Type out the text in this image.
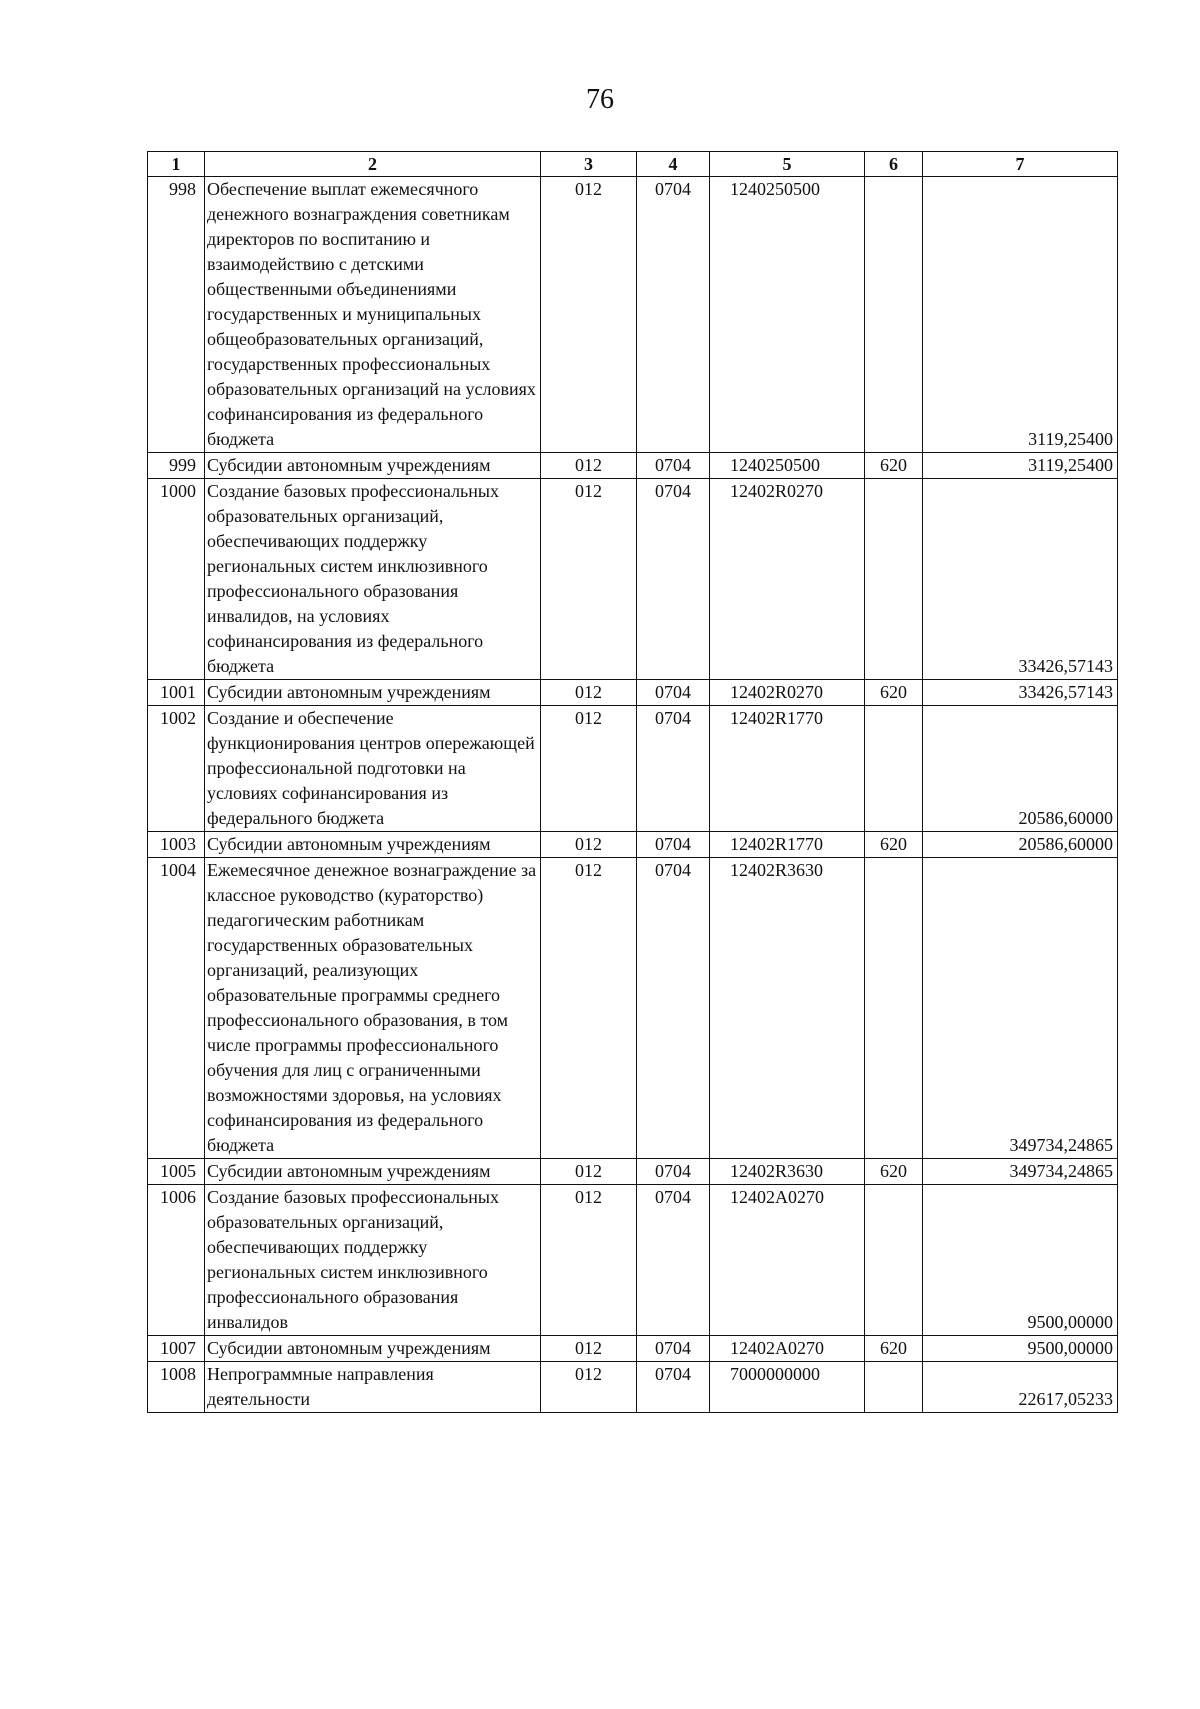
76
1	2	3	4	5	6	7
998	Обеспечение выплат ежемесячного денежного вознаграждения советникам директоров по воспитанию и взаимодействию с детскими общественными объединениями государственных и муниципальных общеобразовательных организаций, государственных профессиональных образовательных организаций на условиях софинансирования из федерального бюджета	012	0704	1240250500		3119,25400
999	Субсидии автономным учреждениям	012	0704	1240250500	620	3119,25400
1000	Создание базовых профессиональных образовательных организаций, обеспечивающих поддержку региональных систем инклюзивного профессионального образования инвалидов, на условиях софинансирования из федерального бюджета	012	0704	12402R0270		33426,57143
1001	Субсидии автономным учреждениям	012	0704	12402R0270	620	33426,57143
1002	Создание и обеспечение функционирования центров опережающей профессиональной подготовки на условиях софинансирования из федерального бюджета	012	0704	12402R1770		20586,60000
1003	Субсидии автономным учреждениям	012	0704	12402R1770	620	20586,60000
1004	Ежемесячное денежное вознаграждение за классное руководство (кураторство) педагогическим работникам государственных образовательных организаций, реализующих образовательные программы среднего профессионального образования, в том числе программы профессионального обучения для лиц с ограниченными возможностями здоровья, на условиях софинансирования из федерального бюджета	012	0704	12402R3630		349734,24865
1005	Субсидии автономным учреждениям	012	0704	12402R3630	620	349734,24865
1006	Создание базовых профессиональных образовательных организаций, обеспечивающих поддержку региональных систем инклюзивного профессионального образования инвалидов	012	0704	12402A0270		9500,00000
1007	Субсидии автономным учреждениям	012	0704	12402A0270	620	9500,00000
1008	Непрограммные направления деятельности	012	0704	7000000000		22617,05233
